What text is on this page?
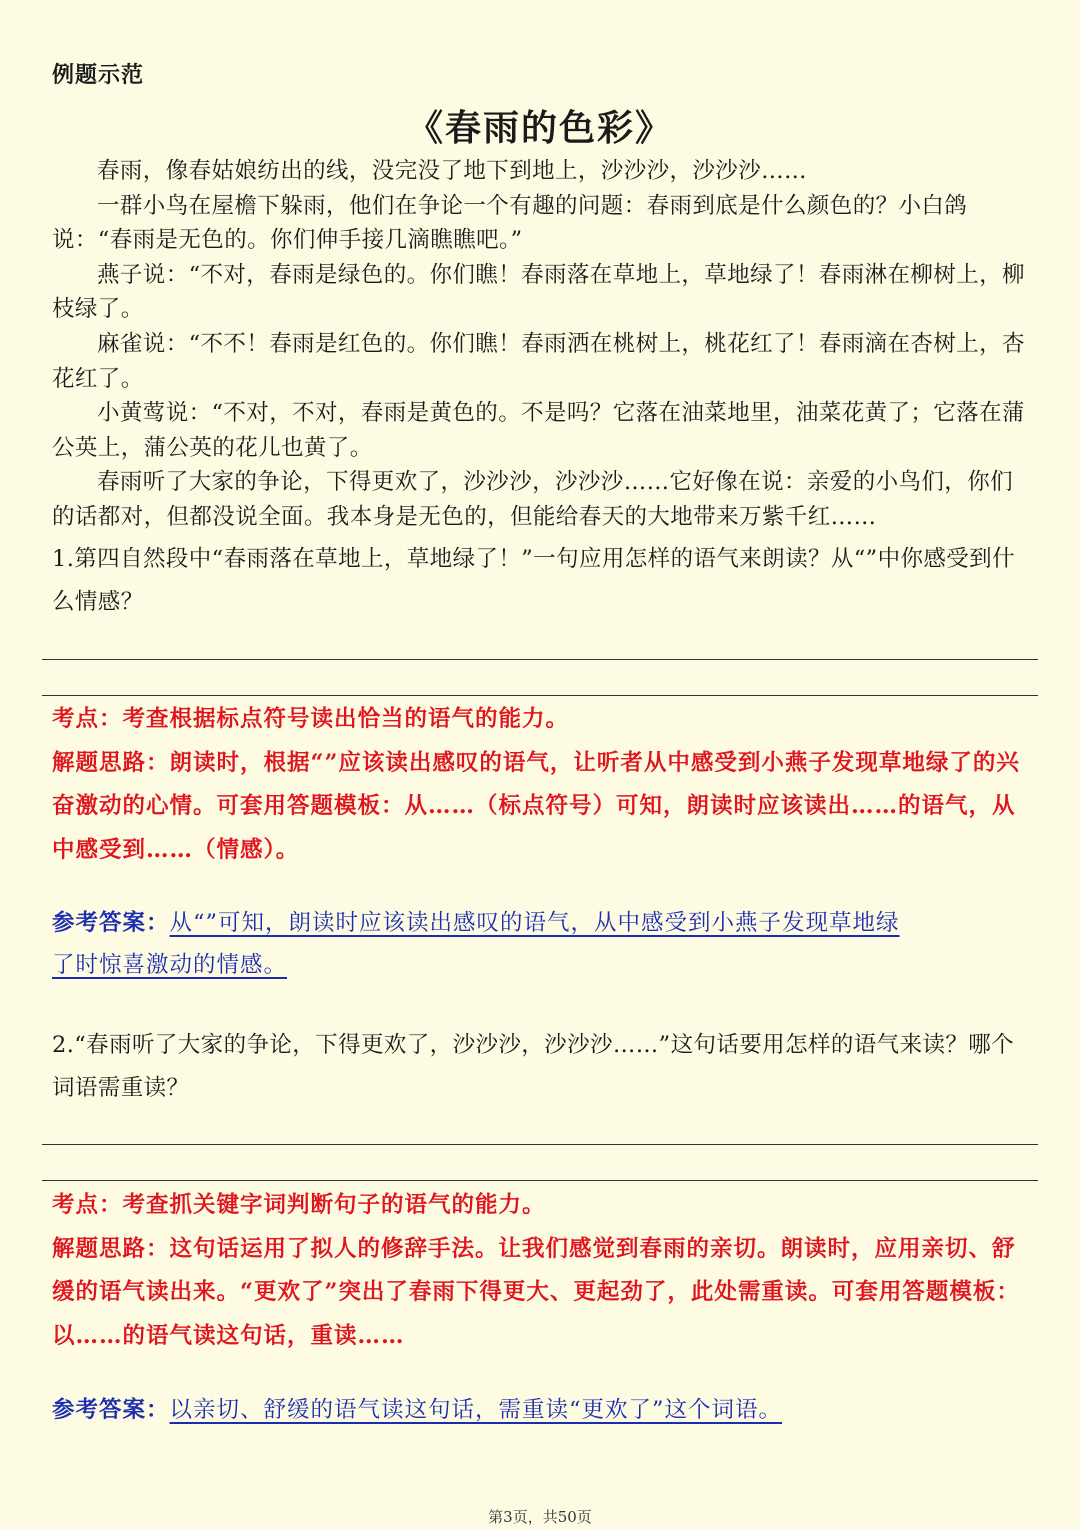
例题示范
《春雨的色彩》

春雨，像春姑娘纺出的线，没完没了地下到地上，沙沙沙，沙沙沙……

一群小鸟在屋檐下躲雨，他们在争论一个有趣的问题：春雨到底是什么颜色的？小白鸽说：“春雨是无色的。你们伸手接几滴瞧瞧吧。”

燕子说：“不对，春雨是绿色的。你们瞧！春雨落在草地上，草地绿了！春雨淋在柳树上，柳枝绿了。

麻雀说：“不不！春雨是红色的。你们瞧！春雨洒在桃树上，桃花红了！春雨滴在杏树上，杏花红了。

小黄莺说：“不对，不对，春雨是黄色的。不是吗？它落在油菜地里，油菜花黄了；它落在蒲公英上，蒲公英的花儿也黄了。

春雨听了大家的争论，下得更欢了，沙沙沙，沙沙沙……它好像在说：亲爱的小鸟们，你们的话都对，但都没说全面。我本身是无色的，但能给春天的大地带来万紫千红……

1.第四自然段中“春雨落在草地上，草地绿了！”一句应用怎样的语气来朗读？从“”中你感受到什么情感？

考点：考查根据标点符号读出恰当的语气的能力。

解题思路：朗读时，根据“”应该读出感叹的语气，让听者从中感受到小燕子发现草地绿了的兴奋激动的心情。可套用答题模板：从……（标点符号）可知，朗读时应该读出……的语气，从中感受到……（情感）。

参考答案：从“”可知，朗读时应该读出感叹的语气，从中感受到小燕子发现草地绿
了时惊喜激动的情感。
2.“春雨听了大家的争论，下得更欢了，沙沙沙，沙沙沙……”这句话要用怎样的语气来读？哪个词语需重读？

考点：考查抓关键字词判断句子的语气的能力。

解题思路：这句话运用了拟人的修辞手法。让我们感觉到春雨的亲切。朗读时，应用亲切、舒缓的语气读出来。“更欢了”突出了春雨下得更大、更起劲了，此处需重读。可套用答题模板：以……的语气读这句话，重读……

参考答案：以亲切、舒缓的语气读这句话，需重读“更欢了”这个词语。
第3页，共50页
